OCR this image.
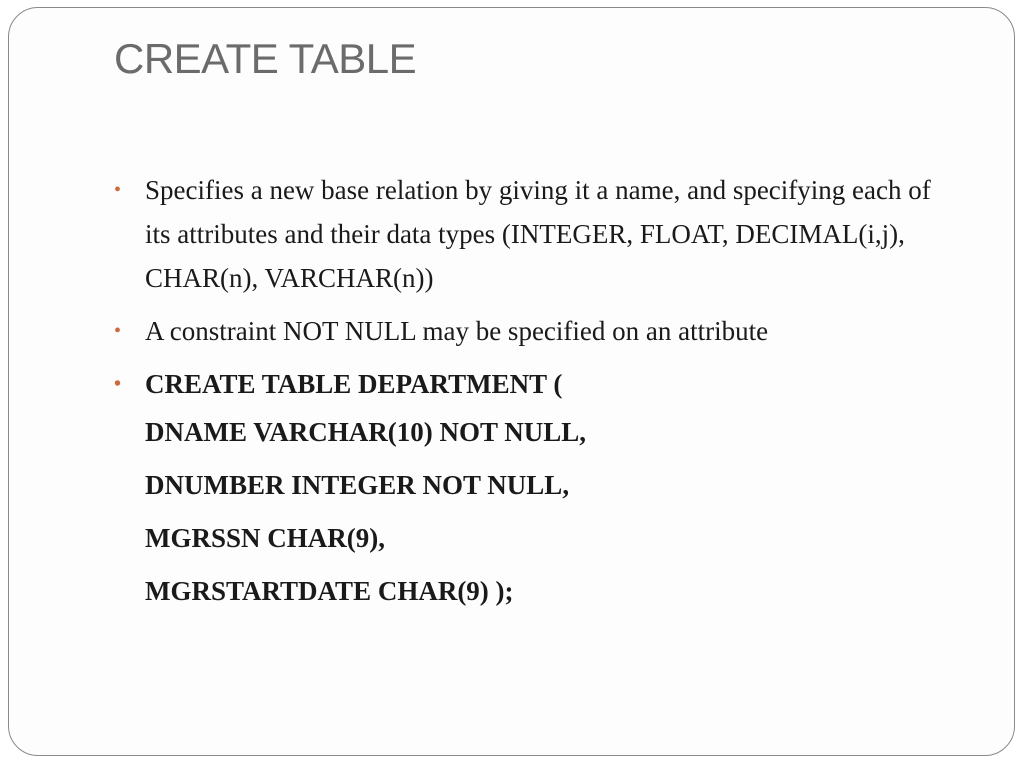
CREATE TABLE
• Specifies a new base relation by giving it a name, and specifying each of its attributes and their data types (INTEGER, FLOAT, DECIMAL(i,j), CHAR(n), VARCHAR(n))
• A constraint NOT NULL may be specified on an attribute
• CREATE TABLE DEPARTMENT (
DNAME VARCHAR(10) NOT NULL,
DNUMBER INTEGER NOT NULL,
MGRSSN CHAR(9),
MGRSTARTDATE CHAR(9) );
